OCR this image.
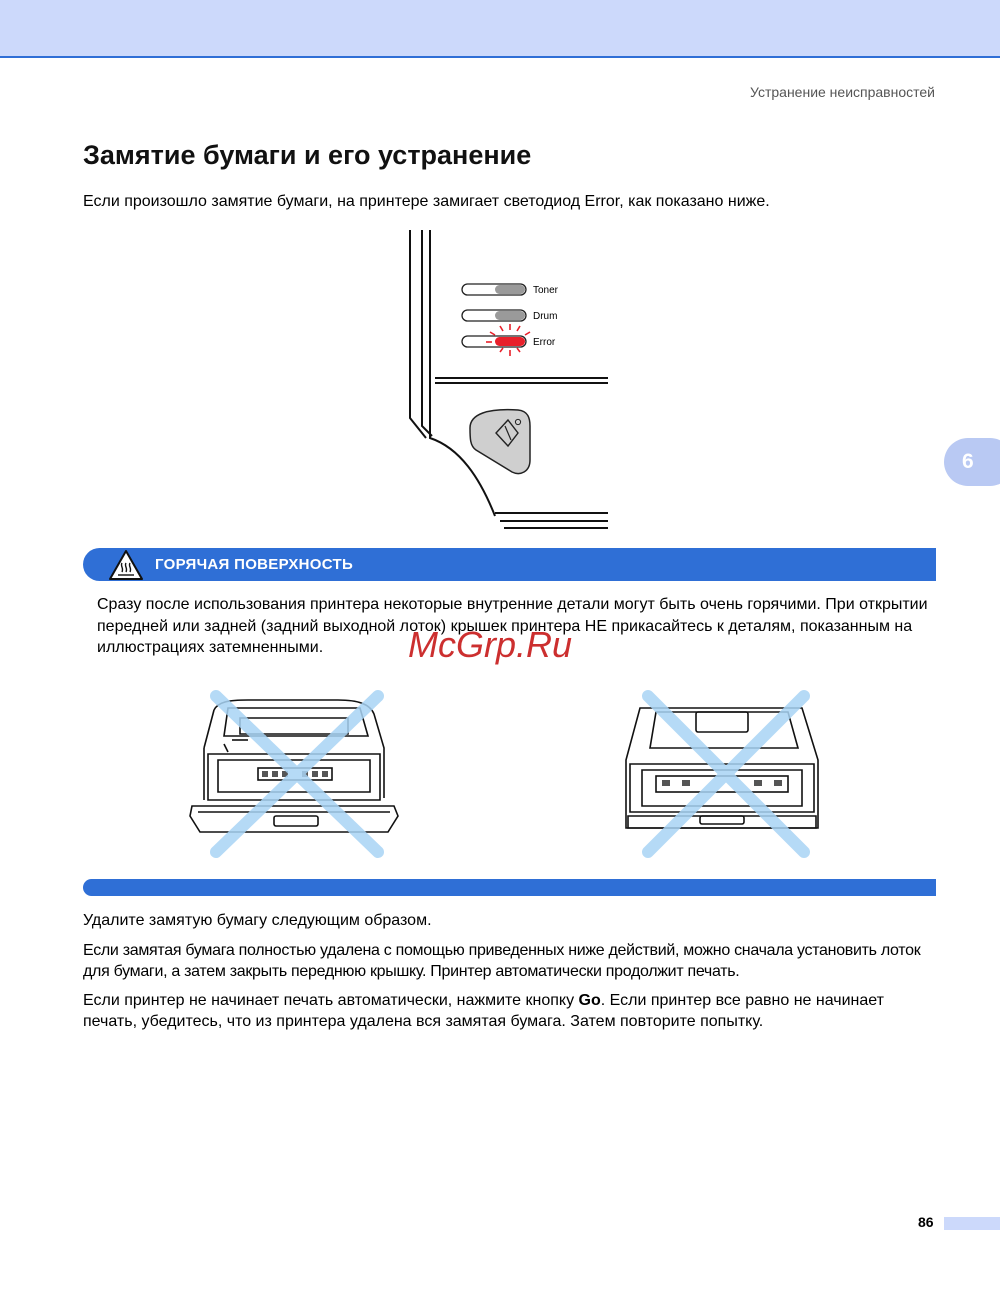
Устранение неисправностей
6
Замятие бумаги и его устранение

Если произошло замятие бумаги, на принтере замигает светодиод Error, как показано ниже.

Toner
Drum
Error
ГОРЯЧАЯ ПОВЕРХНОСТЬ

Сразу после использования принтера некоторые внутренние детали могут быть очень горячими. При открытии передней или задней (задний выходной лоток) крышек принтера НЕ прикасайтесь к деталям, показанным на иллюстрациях затемненными.

Удалите замятую бумагу следующим образом.

Если замятая бумага полностью удалена с помощью приведенных ниже действий, можно сначала установить лоток для бумаги, а затем закрыть переднюю крышку. Принтер автоматически продолжит печать.

Если принтер не начинает печать автоматически, нажмите кнопку Go. Если принтер все равно не начинает печать, убедитесь, что из принтера удалена вся замятая бумага. Затем повторите попытку.

McGrp.Ru
86
